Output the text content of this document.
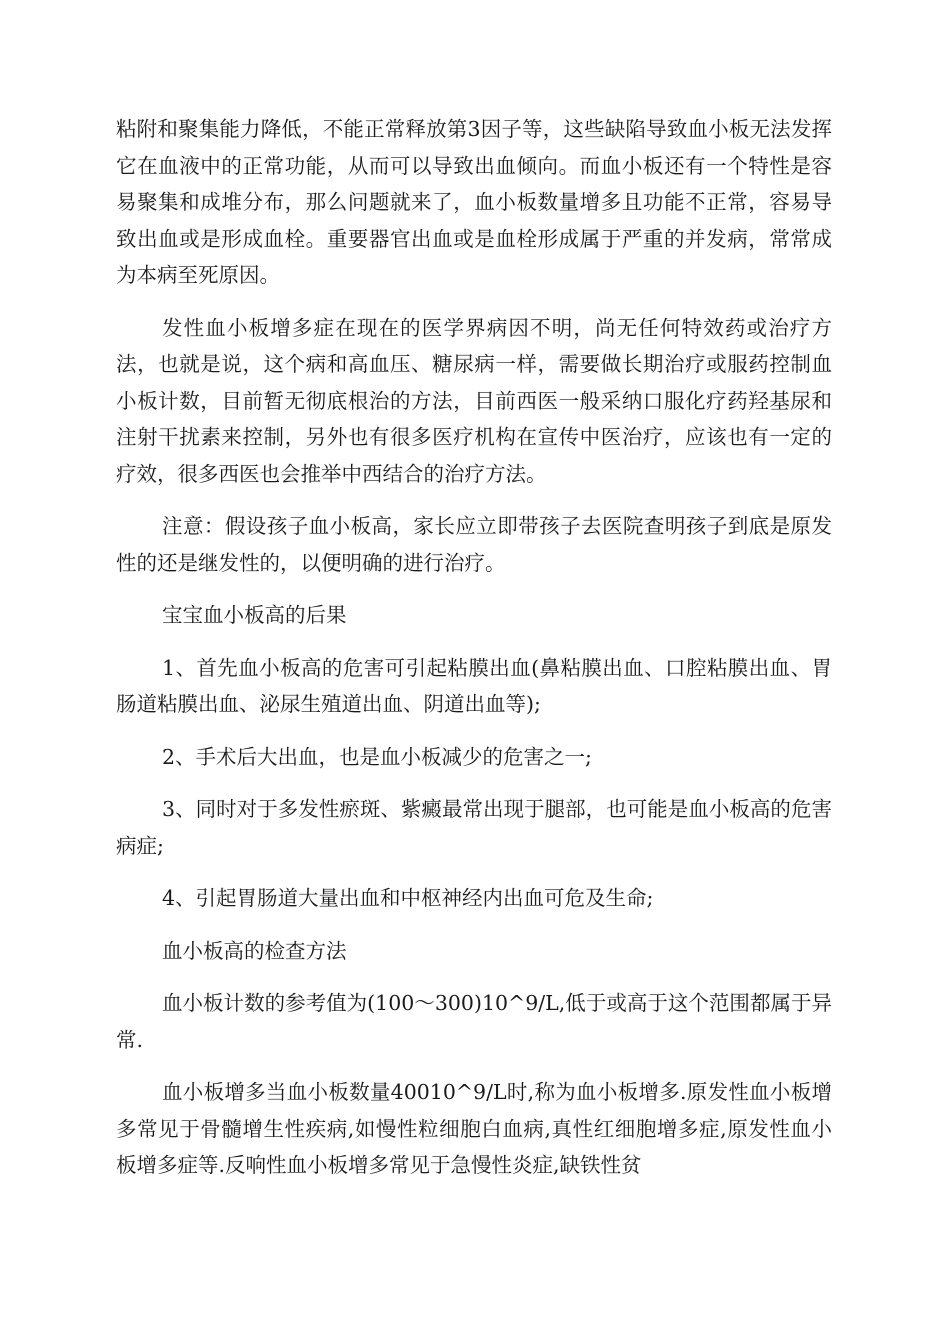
粘附和聚集能力降低，不能正常释放第3因子等，这些缺陷导致血小板无法发挥它在血液中的正常功能，从而可以导致出血倾向。而血小板还有一个特性是容易聚集和成堆分布，那么问题就来了，血小板数量增多且功能不正常，容易导致出血或是形成血栓。重要器官出血或是血栓形成属于严重的并发病，常常成为本病至死原因。

发性血小板增多症在现在的医学界病因不明，尚无任何特效药或治疗方法，也就是说，这个病和高血压、糖尿病一样，需要做长期治疗或服药控制血小板计数，目前暂无彻底根治的方法，目前西医一般采纳口服化疗药羟基尿和注射干扰素来控制，另外也有很多医疗机构在宣传中医治疗，应该也有一定的疗效，很多西医也会推举中西结合的治疗方法。

注意：假设孩子血小板高，家长应立即带孩子去医院查明孩子到底是原发性的还是继发性的，以便明确的进行治疗。

宝宝血小板高的后果

1、首先血小板高的危害可引起粘膜出血(鼻粘膜出血、口腔粘膜出血、胃肠道粘膜出血、泌尿生殖道出血、阴道出血等);

2、手术后大出血，也是血小板减少的危害之一;

3、同时对于多发性瘀斑、紫癜最常出现于腿部，也可能是血小板高的危害病症;

4、引起胃肠道大量出血和中枢神经内出血可危及生命;

血小板高的检查方法

血小板计数的参考值为(100～300)10^9/L,低于或高于这个范围都属于异常.

血小板增多当血小板数量40010^9/L时,称为血小板增多.原发性血小板增多常见于骨髓增生性疾病,如慢性粒细胞白血病,真性红细胞增多症,原发性血小板增多症等.反响性血小板增多常见于急慢性炎症,缺铁性贫
